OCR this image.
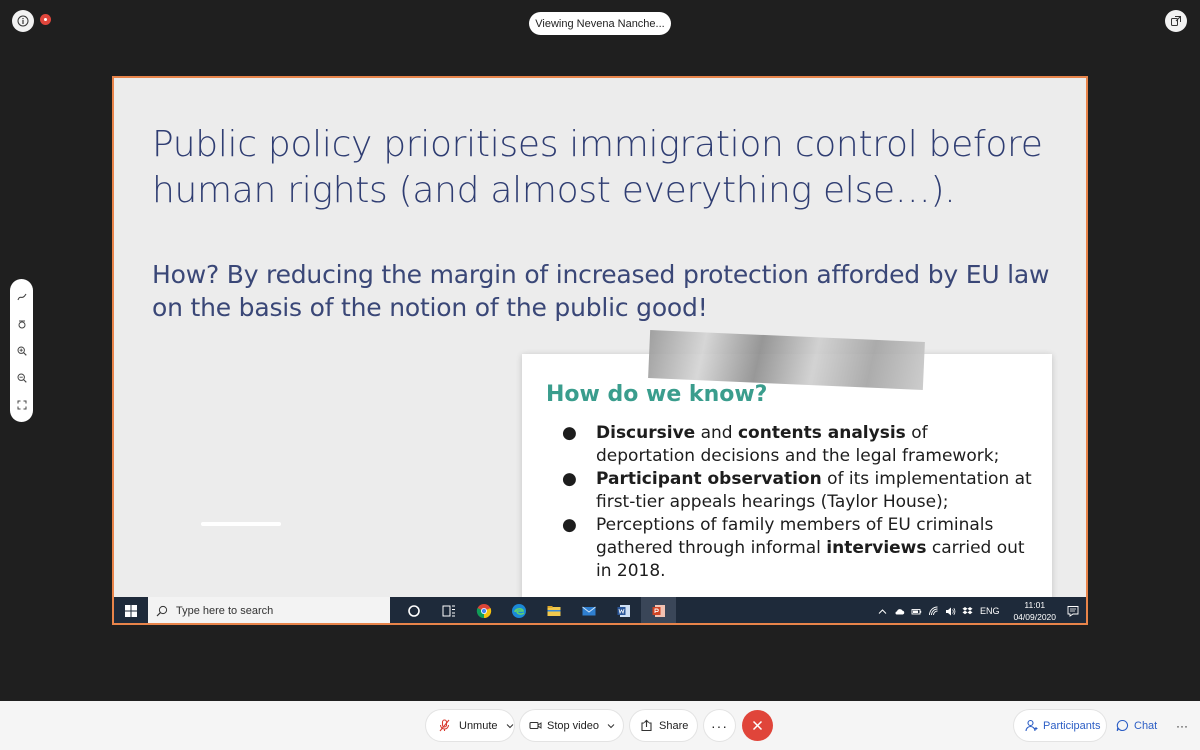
Viewing Nevena Nanche...
Public policy prioritises immigration control before human rights (and almost everything else…).
How? By reducing the margin of increased protection afforded by EU law on the basis of the notion of the public good!
How do we know?
● Discursive and contents analysis of deportation decisions and the legal framework;
● Participant observation of its implementation at first-tier appeals hearings (Taylor House);
● Perceptions of family members of EU criminals gathered through informal interviews carried out in 2018.
Type here to search	ENG
11:01
04/09/2020
Unmute	Stop video	Share	···	Participants	Chat	···
